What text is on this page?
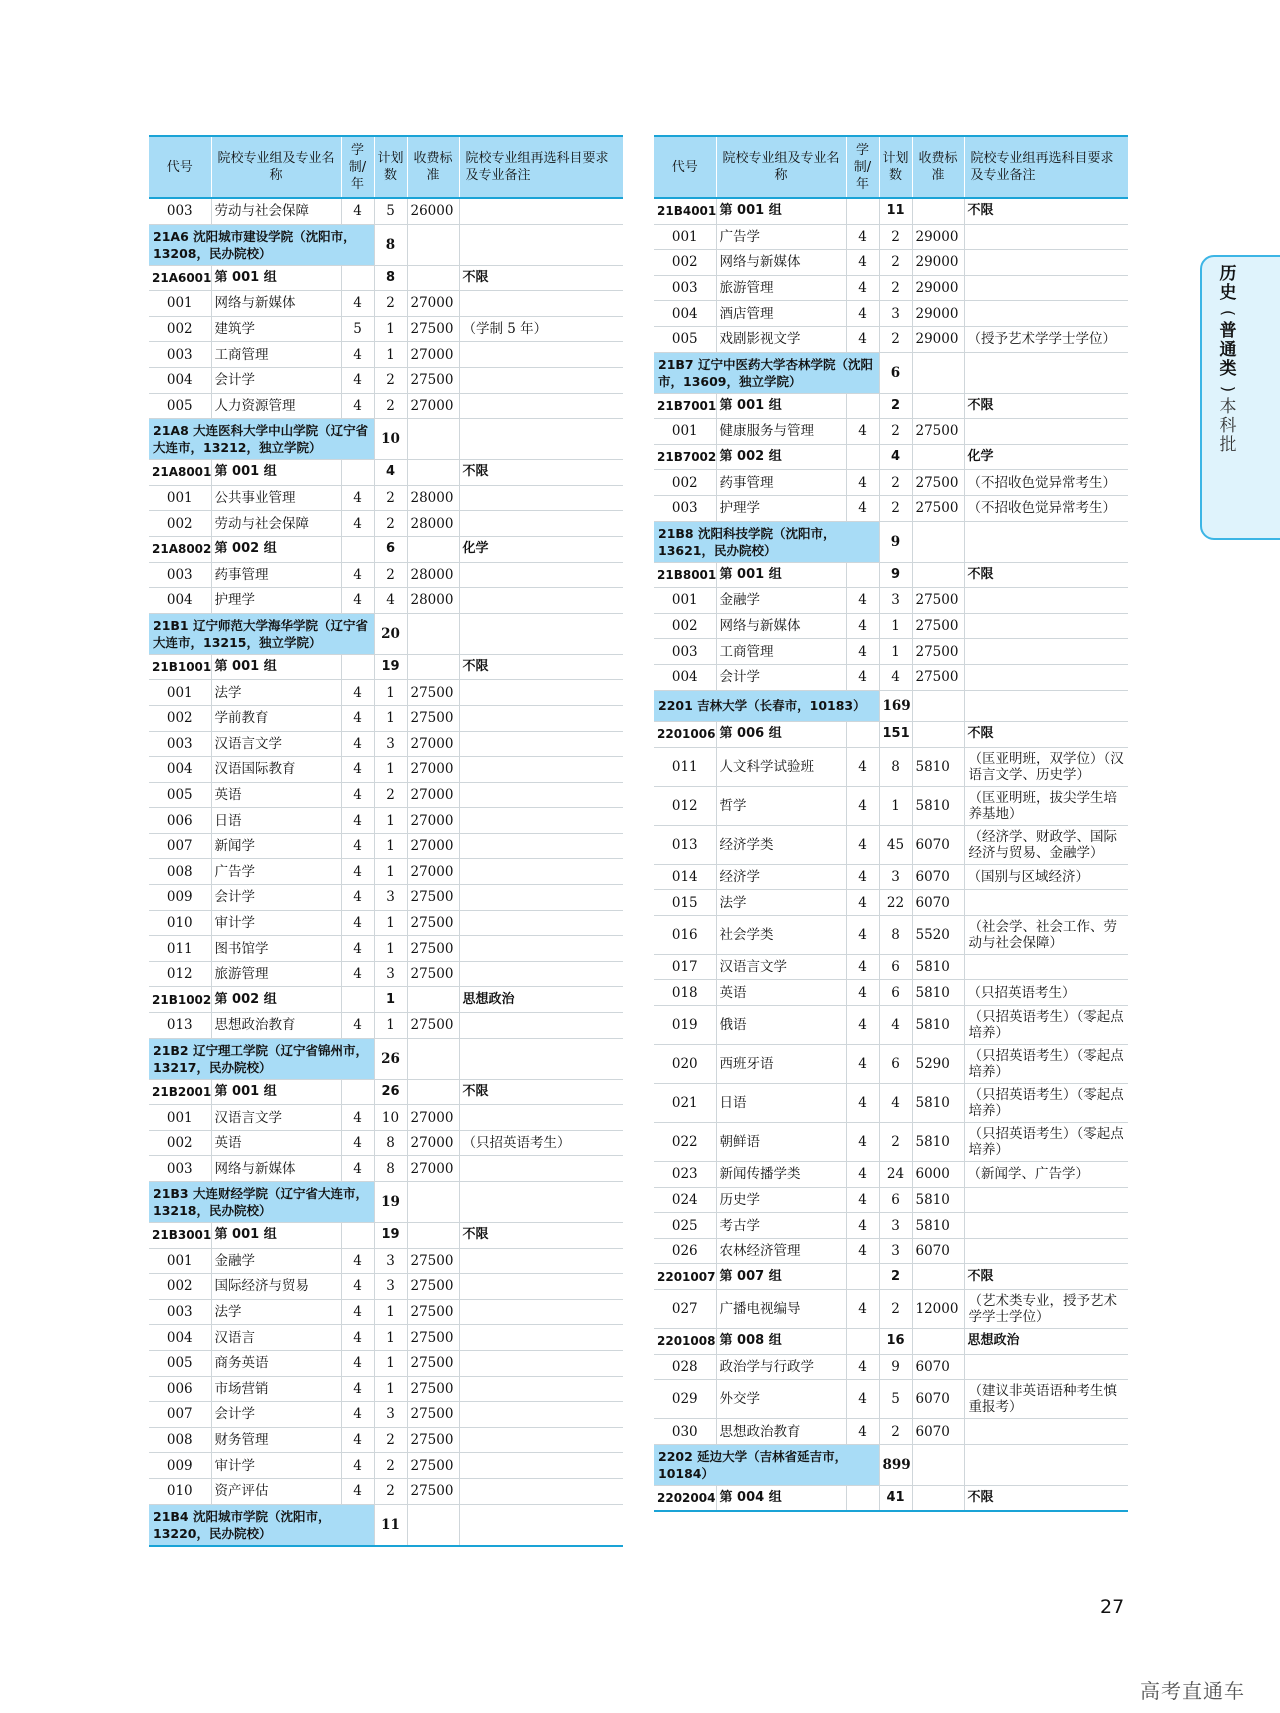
代号	院校专业组及专业名称	学制/年	计划数	收费标准	院校专业组再选科目要求及专业备注
003	劳动与社会保障	4	5	26000	
21A6 沈阳城市建设学院（沈阳市，13208，民办院校）			8		
21A6001	第 001 组		8		不限
001	网络与新媒体	4	2	27000	
002	建筑学	5	1	27500	（学制 5 年）
003	工商管理	4	1	27000	
004	会计学	4	2	27500	
005	人力资源管理	4	2	27000	
21A8 大连医科大学中山学院（辽宁省大连市，13212，独立学院）			10		
21A8001	第 001 组		4		不限
001	公共事业管理	4	2	28000	
002	劳动与社会保障	4	2	28000	
21A8002	第 002 组		6		化学
003	药事管理	4	2	28000	
004	护理学	4	4	28000	
21B1 辽宁师范大学海华学院（辽宁省大连市，13215，独立学院）			20		
21B1001	第 001 组		19		不限
001	法学	4	1	27500	
002	学前教育	4	1	27500	
003	汉语言文学	4	3	27000	
004	汉语国际教育	4	1	27000	
005	英语	4	2	27000	
006	日语	4	1	27000	
007	新闻学	4	1	27000	
008	广告学	4	1	27000	
009	会计学	4	3	27500	
010	审计学	4	1	27500	
011	图书馆学	4	1	27500	
012	旅游管理	4	3	27500	
21B1002	第 002 组		1		思想政治
013	思想政治教育	4	1	27500	
21B2 辽宁理工学院（辽宁省锦州市，13217，民办院校）			26		
21B2001	第 001 组		26		不限
001	汉语言文学	4	10	27000	
002	英语	4	8	27000	（只招英语考生）
003	网络与新媒体	4	8	27000	
21B3 大连财经学院（辽宁省大连市，13218，民办院校）			19		
21B3001	第 001 组		19		不限
001	金融学	4	3	27500	
002	国际经济与贸易	4	3	27500	
003	法学	4	1	27500	
004	汉语言	4	1	27500	
005	商务英语	4	1	27500	
006	市场营销	4	1	27500	
007	会计学	4	3	27500	
008	财务管理	4	2	27500	
009	审计学	4	2	27500	
010	资产评估	4	2	27500	
21B4 沈阳城市学院（沈阳市，13220，民办院校）			11		
代号	院校专业组及专业名称	学制/年	计划数	收费标准	院校专业组再选科目要求及专业备注
21B4001	第 001 组		11		不限
001	广告学	4	2	29000	
002	网络与新媒体	4	2	29000	
003	旅游管理	4	2	29000	
004	酒店管理	4	3	29000	
005	戏剧影视文学	4	2	29000	（授予艺术学学士学位）
21B7 辽宁中医药大学杏林学院（沈阳市，13609，独立学院）			6		
21B7001	第 001 组		2		不限
001	健康服务与管理	4	2	27500	
21B7002	第 002 组		4		化学
002	药事管理	4	2	27500	（不招收色觉异常考生）
003	护理学	4	2	27500	（不招收色觉异常考生）
21B8 沈阳科技学院（沈阳市，13621，民办院校）			9		
21B8001	第 001 组		9		不限
001	金融学	4	3	27500	
002	网络与新媒体	4	1	27500	
003	工商管理	4	1	27500	
004	会计学	4	4	27500	
2201 吉林大学（长春市，10183）			169		
2201006	第 006 组		151		不限
011	人文科学试验班	4	8	5810	（匡亚明班，双学位）（汉语言文学、历史学）
012	哲学	4	1	5810	（匡亚明班，拔尖学生培养基地）
013	经济学类	4	45	6070	（经济学、财政学、国际经济与贸易、金融学）
014	经济学	4	3	6070	（国别与区域经济）
015	法学	4	22	6070	
016	社会学类	4	8	5520	（社会学、社会工作、劳动与社会保障）
017	汉语言文学	4	6	5810	
018	英语	4	6	5810	（只招英语考生）
019	俄语	4	4	5810	（只招英语考生）（零起点培养）
020	西班牙语	4	6	5290	（只招英语考生）（零起点培养）
021	日语	4	4	5810	（只招英语考生）（零起点培养）
022	朝鲜语	4	2	5810	（只招英语考生）（零起点培养）
023	新闻传播学类	4	24	6000	（新闻学、广告学）
024	历史学	4	6	5810	
025	考古学	4	3	5810	
026	农林经济管理	4	3	6070	
2201007	第 007 组		2		不限
027	广播电视编导	4	2	12000	（艺术类专业，授予艺术学学士学位）
2201008	第 008 组		16		思想政治
028	政治学与行政学	4	9	6070	
029	外交学	4	5	6070	（建议非英语语种考生慎重报考）
030	思想政治教育	4	2	6070	
2202 延边大学（吉林省延吉市，10184）			899		
2202004	第 004 组		41		不限
历
史
(
普
通
类
)
本
科
批
27
高考直通车
